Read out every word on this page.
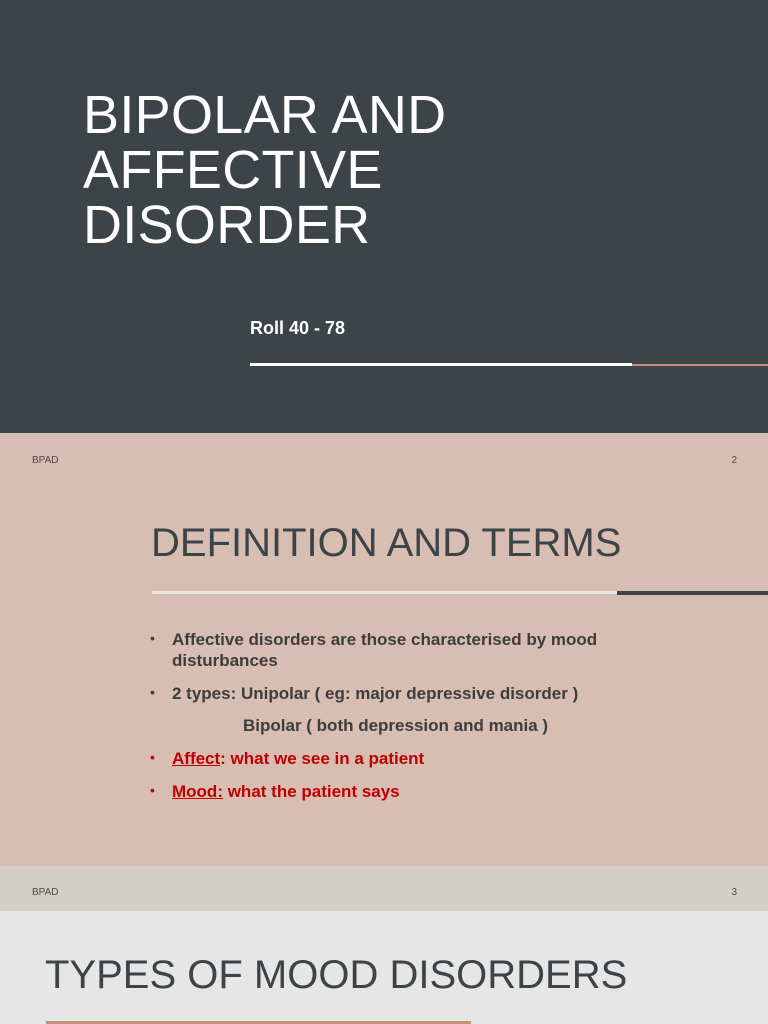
BIPOLAR AND
AFFECTIVE
DISORDER
Roll 40 - 78
BPAD	2
DEFINITION AND TERMS
• Affective disorders are those characterised by mood disturbances
• 2 types: Unipolar ( eg: major depressive disorder )
Bipolar ( both depression and mania )
• Affect: what we see in a patient
• Mood: what the patient says
BPAD	3
TYPES OF MOOD DISORDERS
